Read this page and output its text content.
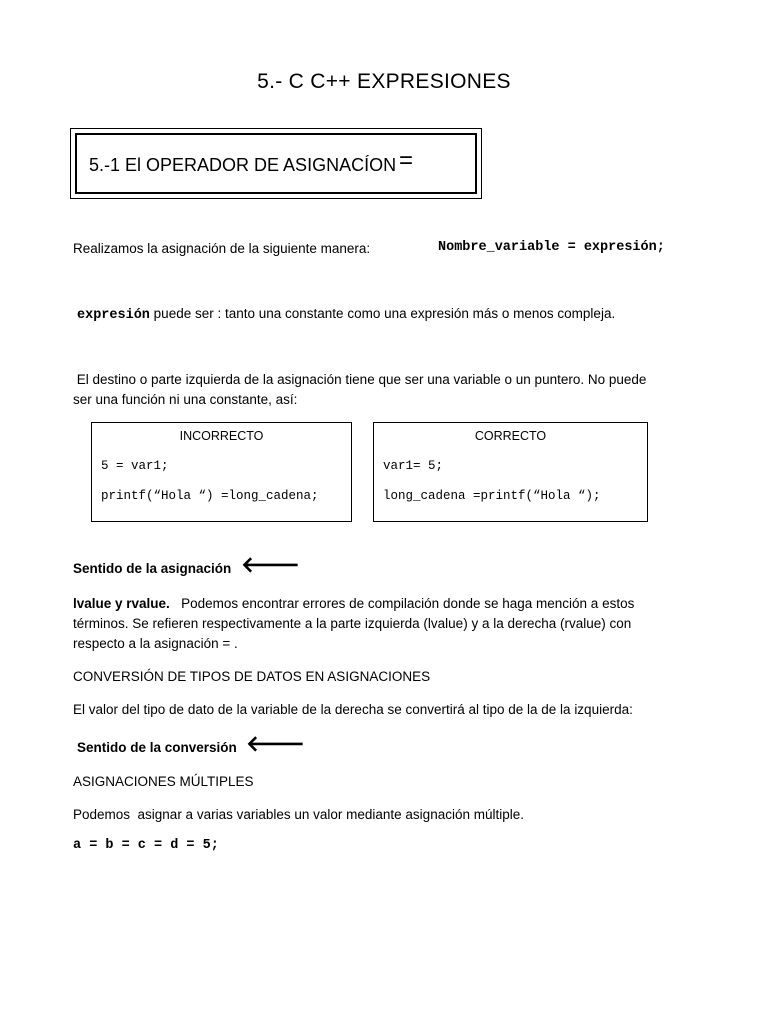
5.- C C++ EXPRESIONES
5.-1 El OPERADOR DE ASIGNACÍON =
Realizamos la asignación de la siguiente manera:	Nombre_variable = expresión;
expresión puede ser : tanto una constante como una expresión más o menos compleja.
El destino o parte izquierda de la asignación tiene que ser una variable o un puntero. No puede
ser una función ni una constante, así:
INCORRECTO
5 = var1;
printf(“Hola “) =long_cadena;
CORRECTO
var1= 5;
long_cadena =printf(“Hola “);
Sentido de la asignación 🡐
lvalue y rvalue.   Podemos encontrar errores de compilación donde se haga mención a estos
términos. Se refieren respectivamente a la parte izquierda (lvalue) y a la derecha (rvalue) con
respecto a la asignación = .
CONVERSIÓN DE TIPOS DE DATOS EN ASIGNACIONES
El valor del tipo de dato de la variable de la derecha se convertirá al tipo de la de la izquierda:
Sentido de la conversión 🡐
ASIGNACIONES MÚLTIPLES
Podemos  asignar a varias variables un valor mediante asignación múltiple.
a = b = c = d = 5;
